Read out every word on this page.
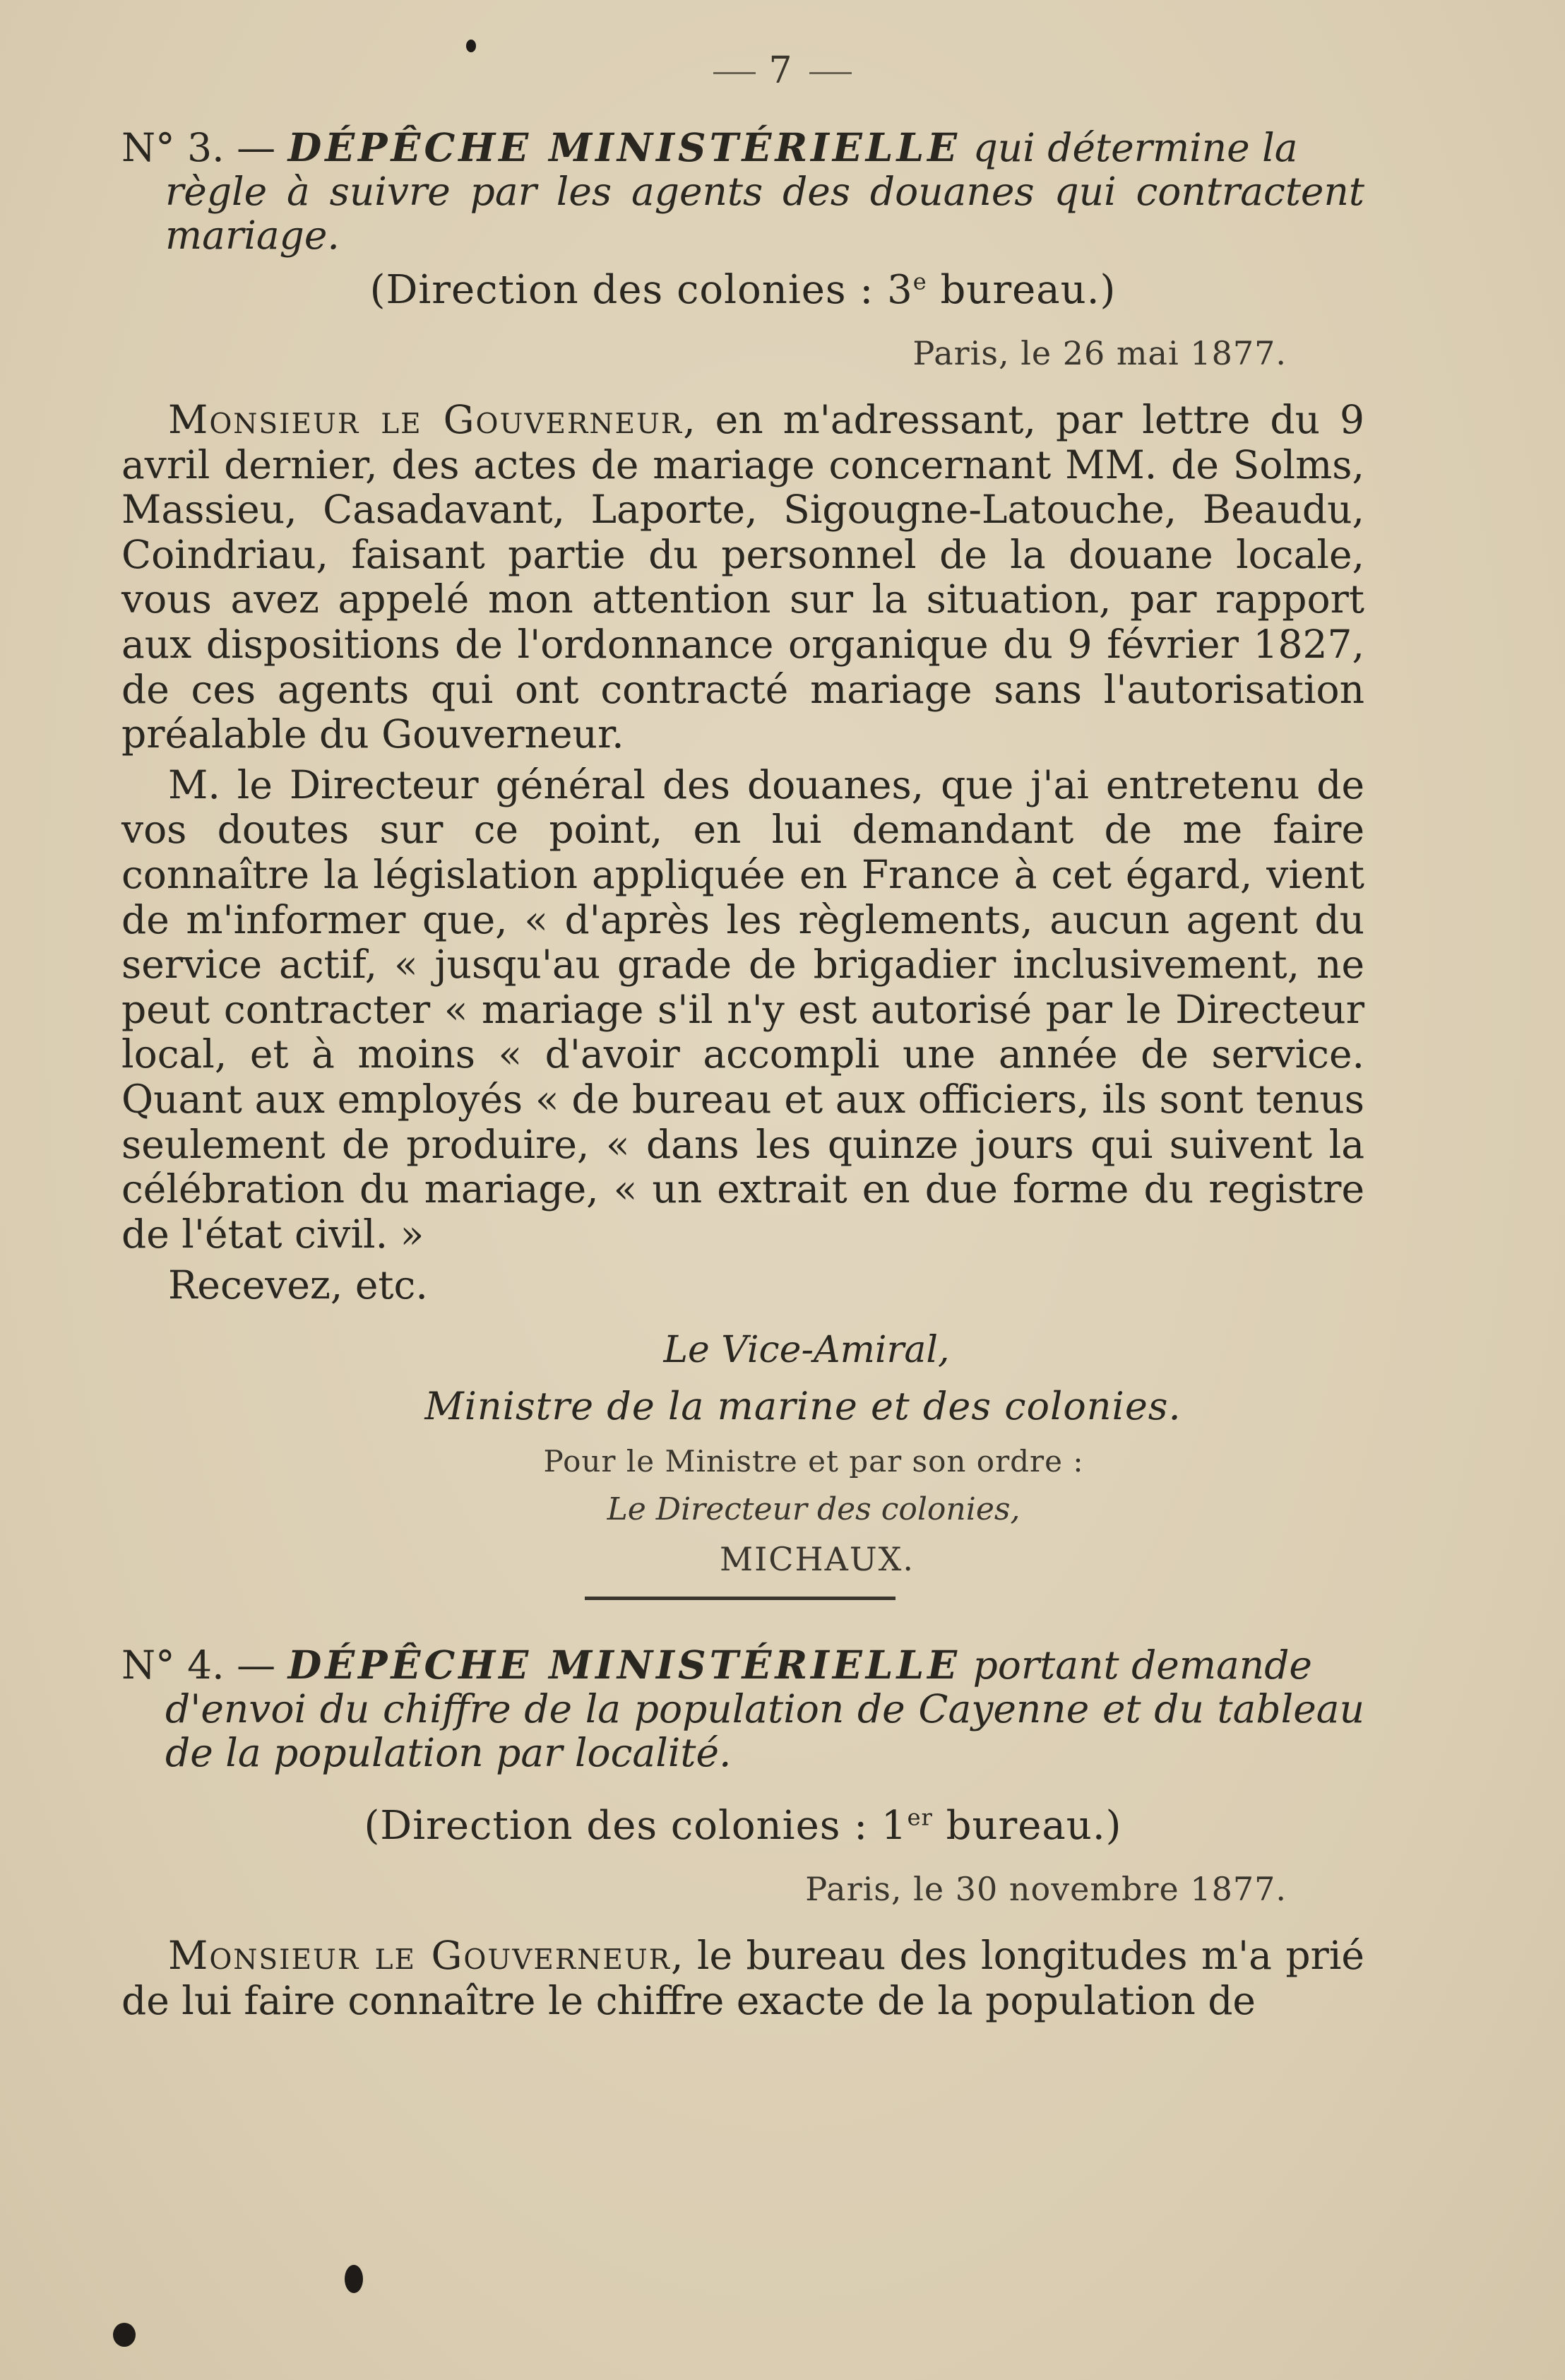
7
N° 3. — DÉPÊCHE MINISTÉRIELLE qui détermine la
règle à suivre par les agents des douanes qui contractent mariage.
(Direction des colonies : 3e bureau.)
Paris, le 26 mai 1877.

Monsieur le Gouverneur, en m'adressant, par lettre du 9 avril dernier, des actes de mariage concernant MM. de Solms, Massieu, Casadavant, Laporte, Sigougne-Latouche, Beaudu, Coindriau, faisant partie du personnel de la douane locale, vous avez appelé mon attention sur la situation, par rapport aux dispositions de l'ordonnance organique du 9 février 1827, de ces agents qui ont contracté mariage sans l'autorisation préalable du Gouverneur.

M. le Directeur général des douanes, que j'ai entretenu de vos doutes sur ce point, en lui demandant de me faire connaître la législation appliquée en France à cet égard, vient de m'informer que, « d'après les règlements, aucun agent du service actif, « jusqu'au grade de brigadier inclusivement, ne peut contracter « mariage s'il n'y est autorisé par le Directeur local, et à moins « d'avoir accompli une année de service. Quant aux employés « de bureau et aux officiers, ils sont tenus seulement de produire, « dans les quinze jours qui suivent la célébration du mariage, « un extrait en due forme du registre de l'état civil. »

Recevez, etc.
Le Vice-Amiral,
Ministre de la marine et des colonies.
Pour le Ministre et par son ordre :
Le Directeur des colonies,
MICHAUX.
N° 4. — DÉPÊCHE MINISTÉRIELLE portant demande
d'envoi du chiffre de la population de Cayenne et du tableau de la population par localité.
(Direction des colonies : 1er bureau.)
Paris, le 30 novembre 1877.

Monsieur le Gouverneur, le bureau des longitudes m'a prié de lui faire connaître le chiffre exacte de la population de
